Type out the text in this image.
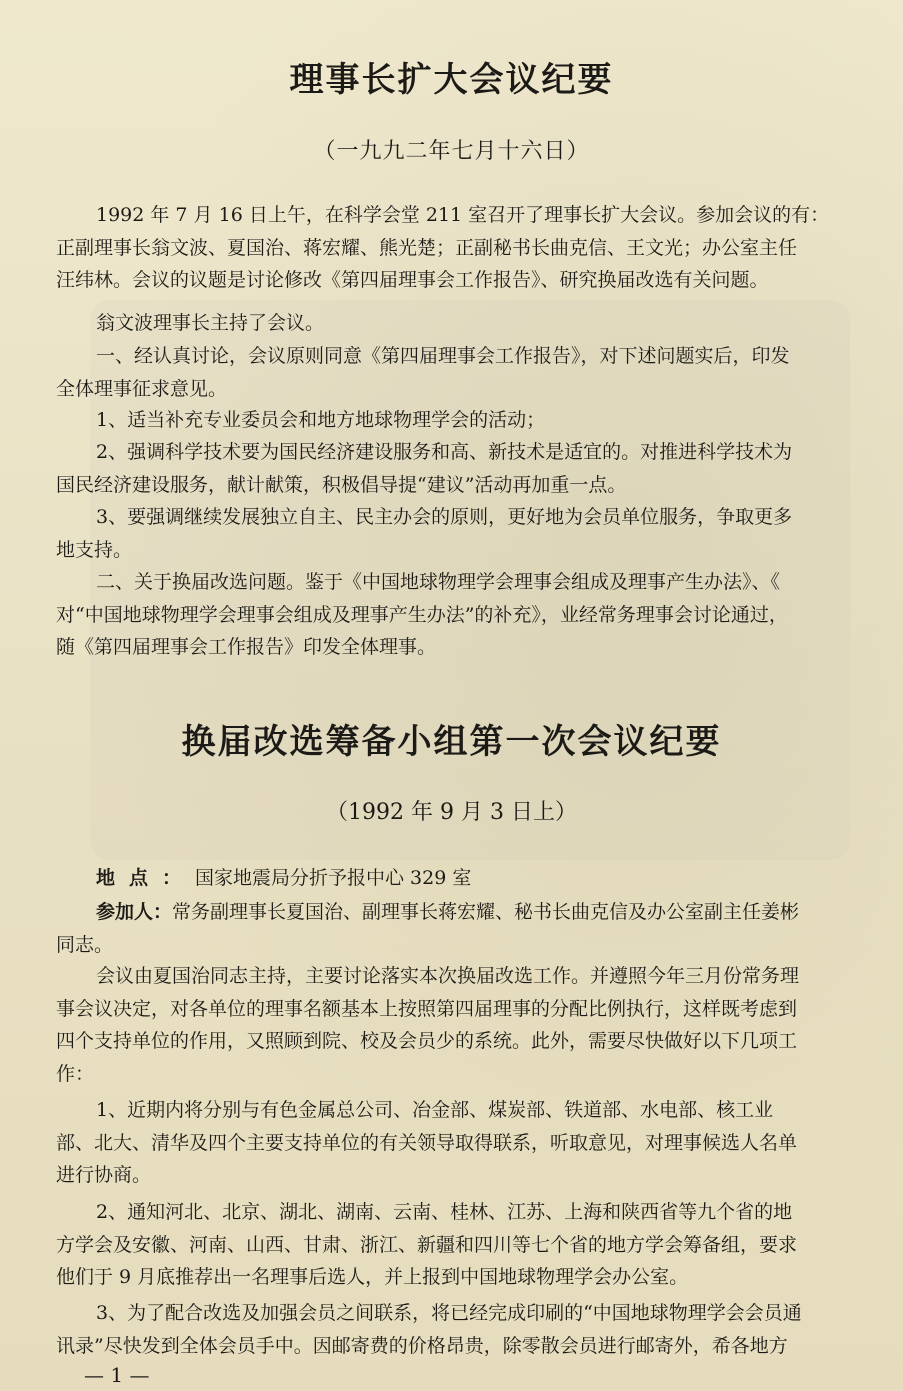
理事长扩大会议纪要
（一九九二年七月十六日）

1992 年 7 月 16 日上午，在科学会堂 211 室召开了理事长扩大会议。参加会议的有：

正副理事长翁文波、夏国治、蒋宏耀、熊光楚；正副秘书长曲克信、王文光；办公室主任

汪纬林。会议的议题是讨论修改《第四届理事会工作报告》、研究换届改选有关问题。

翁文波理事长主持了会议。

一、经认真讨论，会议原则同意《第四届理事会工作报告》，对下述问题实后，印发

全体理事征求意见。

1、适当补充专业委员会和地方地球物理学会的活动；

2、强调科学技术要为国民经济建设服务和高、新技术是适宜的。对推进科学技术为

国民经济建设服务，献计献策，积极倡导提“建议”活动再加重一点。

3、要强调继续发展独立自主、民主办会的原则，更好地为会员单位服务，争取更多

地支持。

二、关于换届改选问题。鉴于《中国地球物理学会理事会组成及理事产生办法》、《

对“中国地球物理学会理事会组成及理事产生办法”的补充》，业经常务理事会讨论通过，

随《第四届理事会工作报告》印发全体理事。

换届改选筹备小组第一次会议纪要
（1992 年 9 月 3 日上）

地点：国家地震局分折予报中心 329 室

参加人：常务副理事长夏国治、副理事长蒋宏耀、秘书长曲克信及办公室副主任姜彬

同志。

会议由夏国治同志主持，主要讨论落实本次换届改选工作。并遵照今年三月份常务理

事会议决定，对各单位的理事名额基本上按照第四届理事的分配比例执行，这样既考虑到

四个支持单位的作用，又照顾到院、校及会员少的系统。此外，需要尽快做好以下几项工

作：

1、近期内将分别与有色金属总公司、冶金部、煤炭部、铁道部、水电部、核工业

部、北大、清华及四个主要支持单位的有关领导取得联系，听取意见，对理事候选人名单

进行协商。

2、通知河北、北京、湖北、湖南、云南、桂林、江苏、上海和陕西省等九个省的地

方学会及安徽、河南、山西、甘肃、浙江、新疆和四川等七个省的地方学会筹备组，要求

他们于 9 月底推荐出一名理事后选人，并上报到中国地球物理学会办公室。

3、为了配合改选及加强会员之间联系，将已经完成印刷的“中国地球物理学会会员通

讯录”尽快发到全体会员手中。因邮寄费的价格昂贵，除零散会员进行邮寄外，希各地方

— 1 —
